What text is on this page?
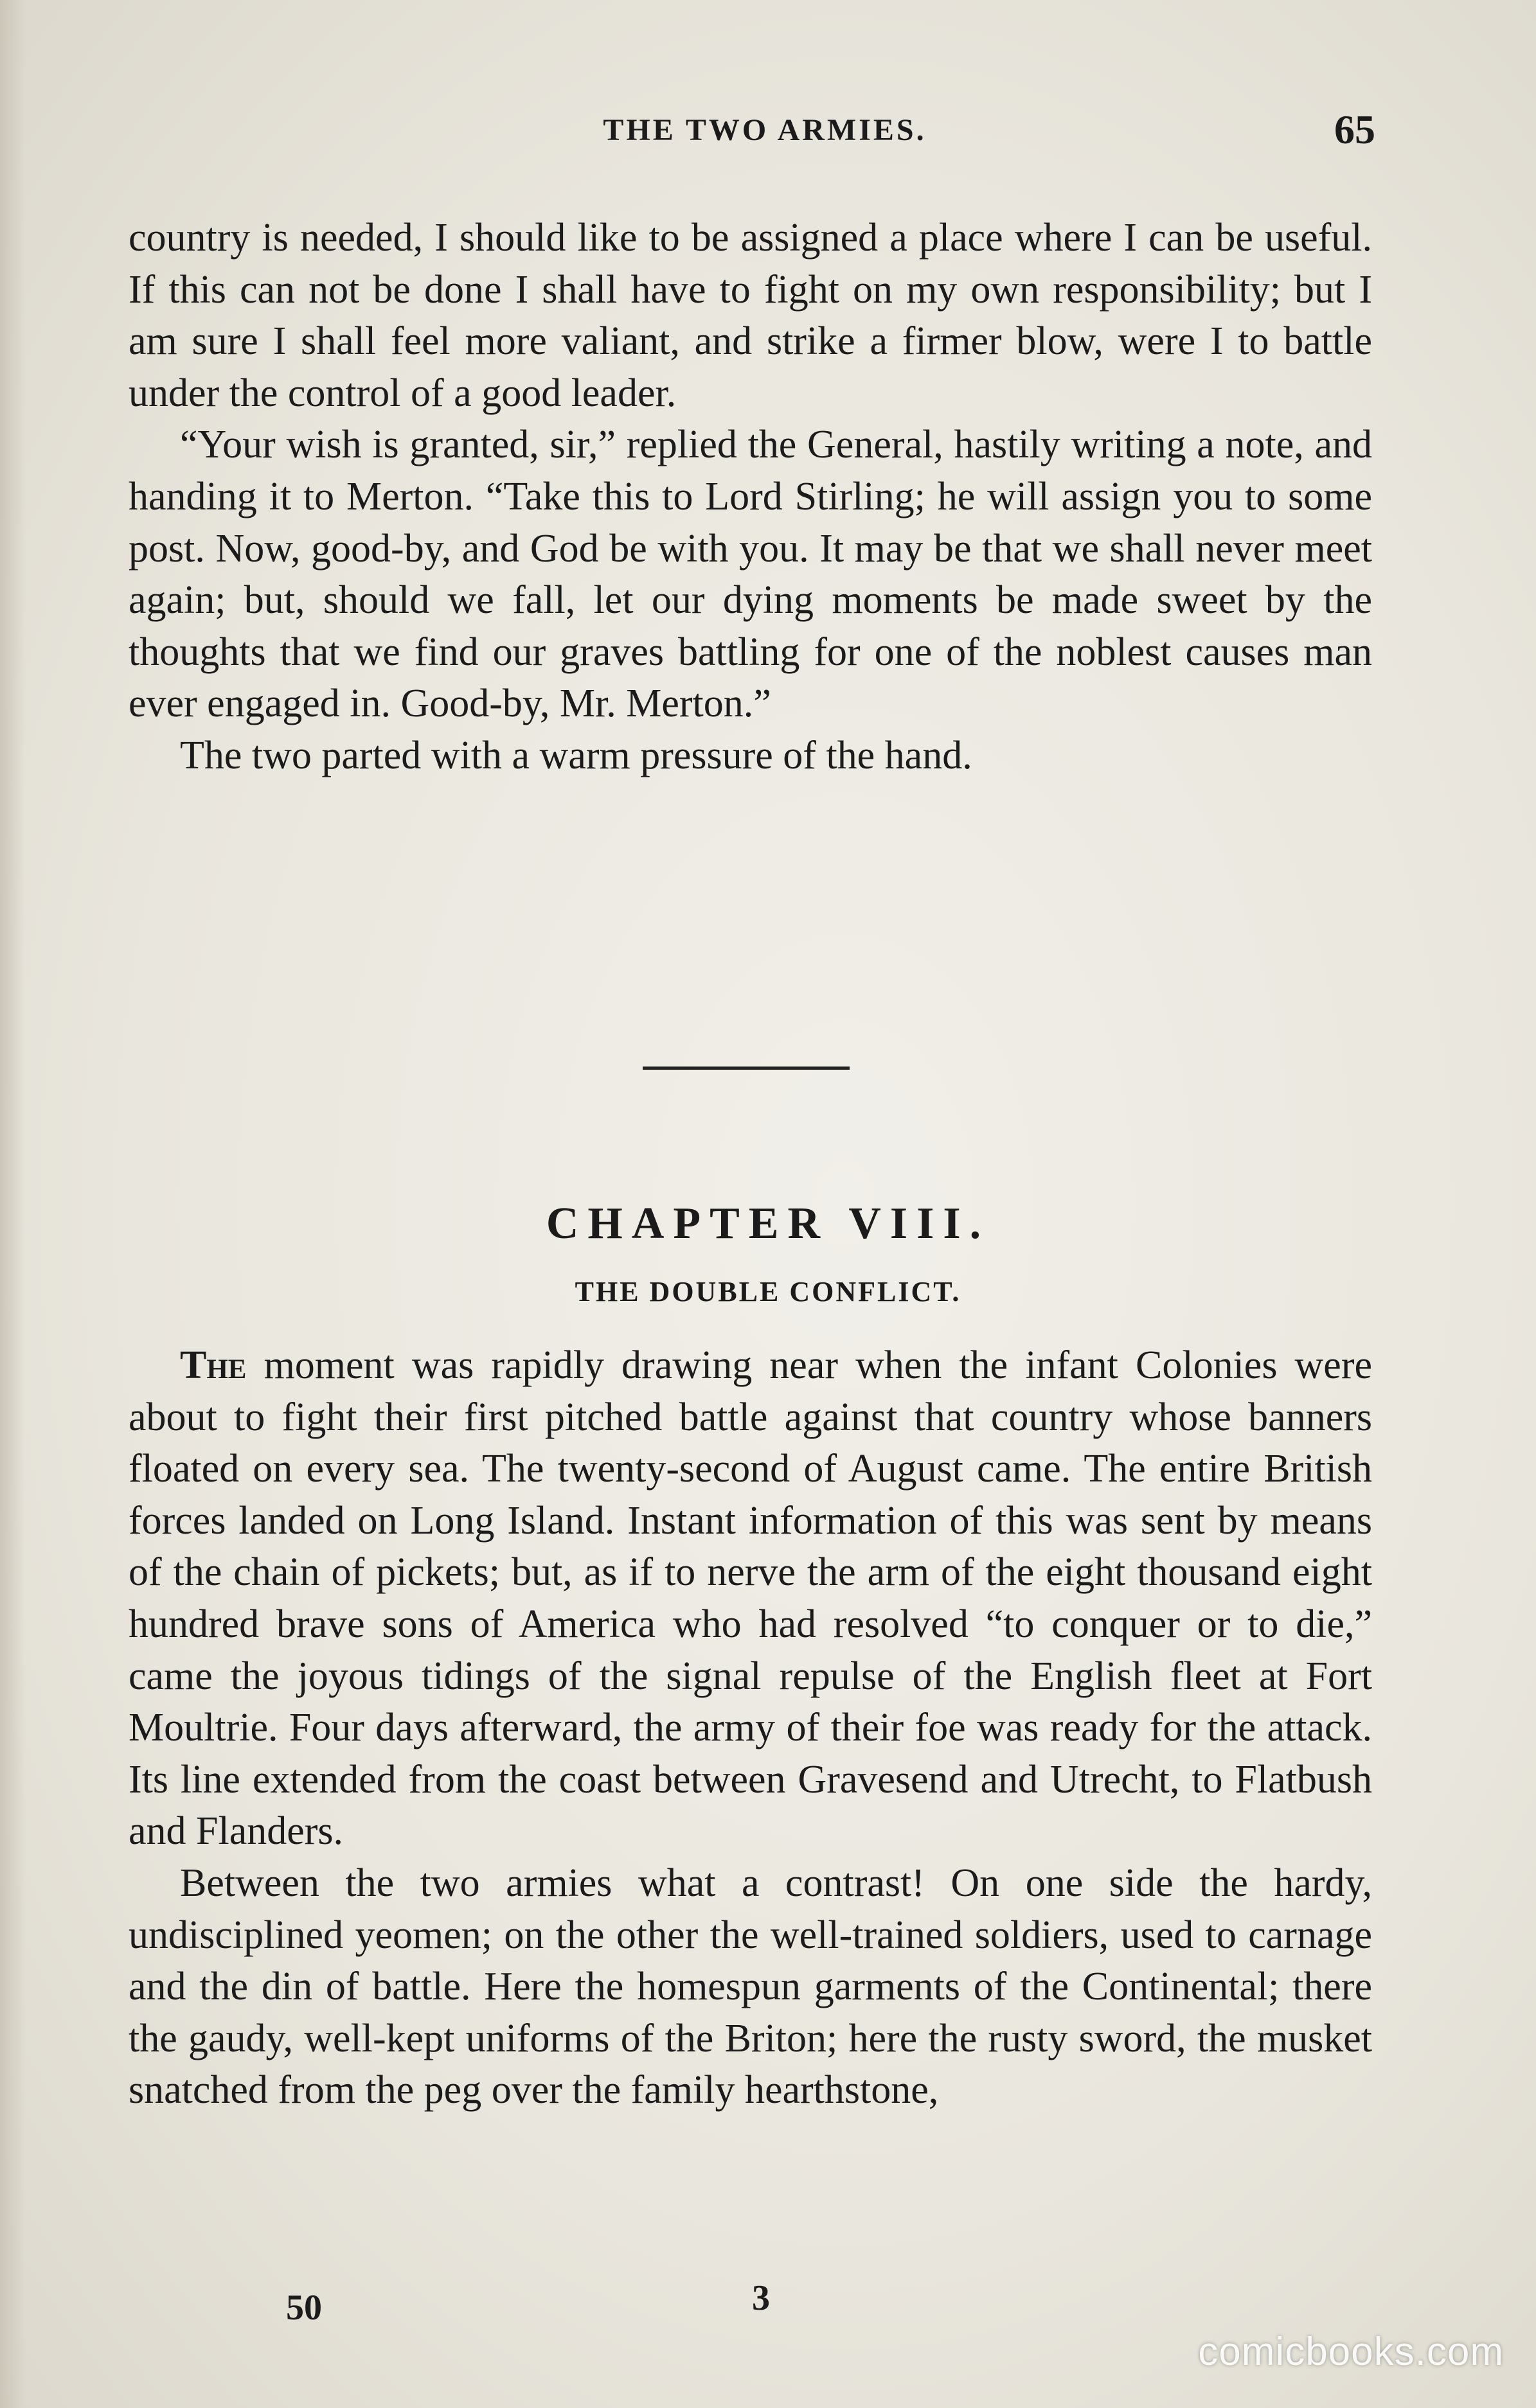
THE TWO ARMIES.	65

country is needed, I should like to be assigned a place where I can be useful. If this can not be done I shall have to fight on my own responsibility; but I am sure I shall feel more valiant, and strike a firmer blow, were I to battle under the control of a good leader.

“Your wish is granted, sir,” replied the General, hastily writing a note, and handing it to Merton. “Take this to Lord Stirling; he will assign you to some post. Now, good-by, and God be with you. It may be that we shall never meet again; but, should we fall, let our dying moments be made sweet by the thoughts that we find our graves battling for one of the noblest causes man ever engaged in. Good-by, Mr. Merton.”

The two parted with a warm pressure of the hand.

CHAPTER VIII.
THE DOUBLE CONFLICT.

The moment was rapidly drawing near when the infant Colonies were about to fight their first pitched battle against that country whose banners floated on every sea. The twenty-second of August came. The entire British forces landed on Long Island. Instant information of this was sent by means of the chain of pickets; but, as if to nerve the arm of the eight thousand eight hundred brave sons of America who had resolved “to conquer or to die,” came the joyous tidings of the signal repulse of the English fleet at Fort Moultrie. Four days afterward, the army of their foe was ready for the attack. Its line extended from the coast between Gravesend and Utrecht, to Flatbush and Flanders.

Between the two armies what a contrast! On one side the hardy, undisciplined yeomen; on the other the well-trained soldiers, used to carnage and the din of battle. Here the homespun garments of the Continental; there the gaudy, well-kept uniforms of the Briton; here the rusty sword, the musket snatched from the peg over the family hearthstone,

50	3
comicbooks.com
